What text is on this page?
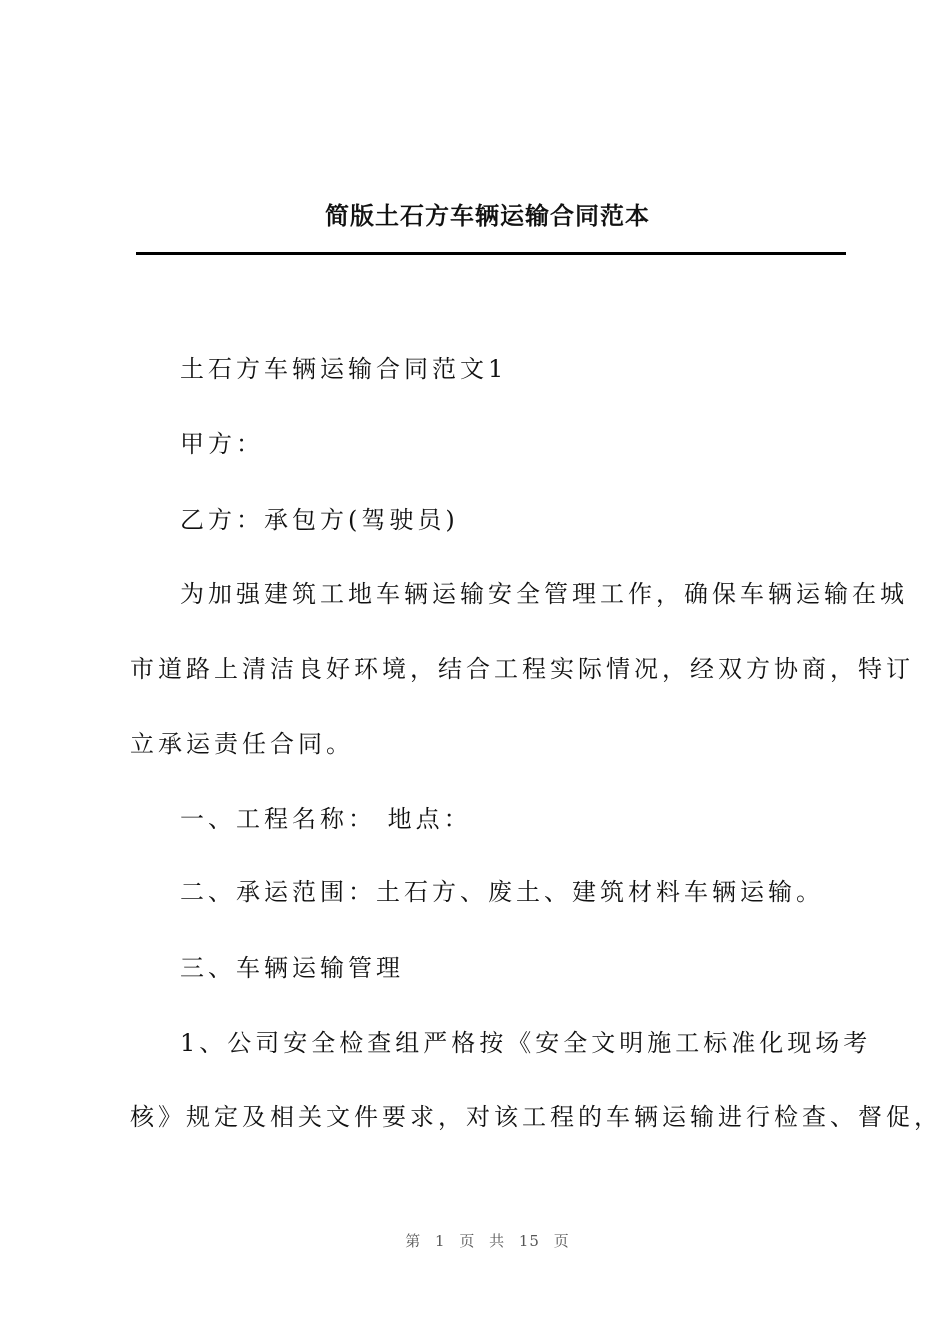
简版土石方车辆运输合同范本
土石方车辆运输合同范文1
甲方：
乙方：承包方(驾驶员)
为加强建筑工地车辆运输安全管理工作，确保车辆运输在城
市道路上清洁良好环境，结合工程实际情况，经双方协商，特订
立承运责任合同。
一、工程名称： 地点：
二、承运范围：土石方、废土、建筑材料车辆运输。
三、车辆运输管理
1、公司安全检查组严格按《安全文明施工标准化现场考
核》规定及相关文件要求，对该工程的车辆运输进行检查、督促，
第 1 页 共 15 页
